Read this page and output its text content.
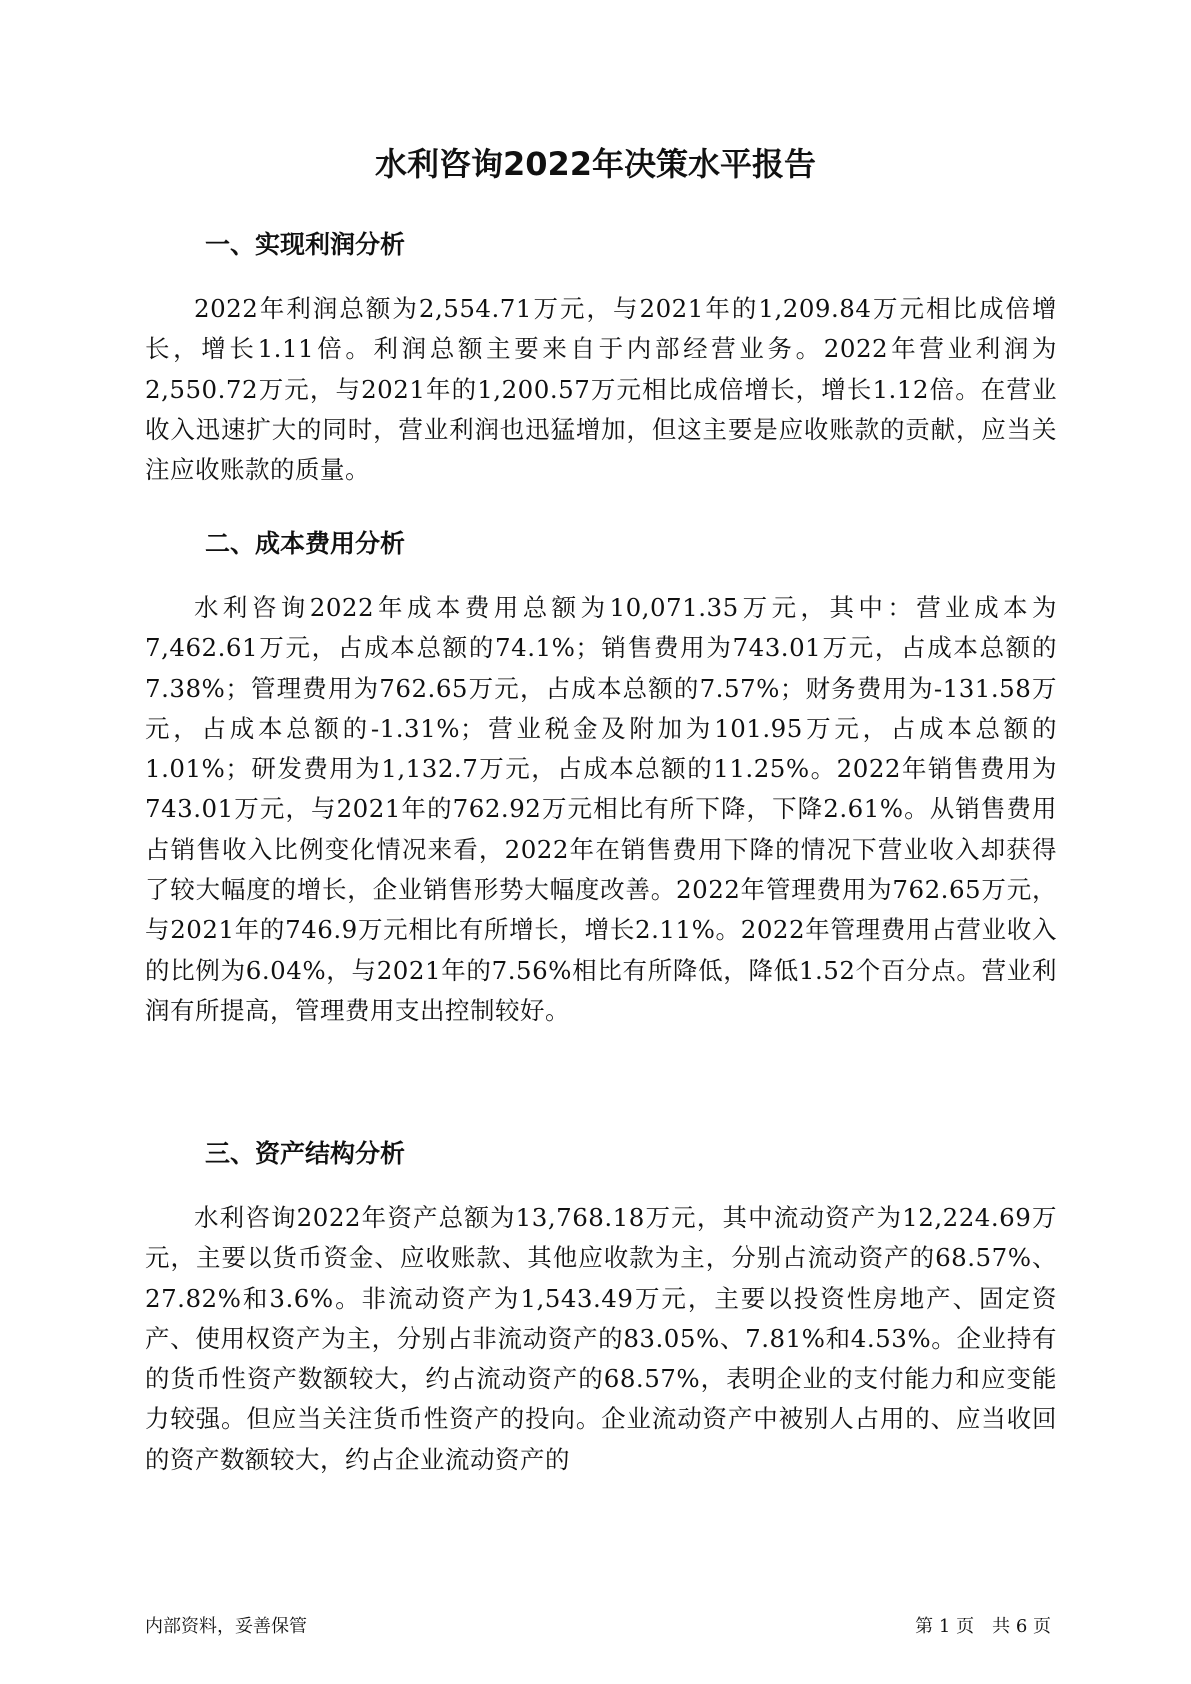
水利咨询2022年决策水平报告
一、实现利润分析
2022年利润总额为2,554.71万元，与2021年的1,209.84万元相比成倍增长，增长1.11倍。利润总额主要来自于内部经营业务。2022年营业利润为2,550.72万元，与2021年的1,200.57万元相比成倍增长，增长1.12倍。在营业收入迅速扩大的同时，营业利润也迅猛增加，但这主要是应收账款的贡献，应当关注应收账款的质量。
二、成本费用分析
水利咨询2022年成本费用总额为10,071.35万元，其中：营业成本为7,462.61万元，占成本总额的74.1%；销售费用为743.01万元，占成本总额的7.38%；管理费用为762.65万元，占成本总额的7.57%；财务费用为-131.58万元，占成本总额的-1.31%；营业税金及附加为101.95万元，占成本总额的1.01%；研发费用为1,132.7万元，占成本总额的11.25%。2022年销售费用为743.01万元，与2021年的762.92万元相比有所下降，下降2.61%。从销售费用占销售收入比例变化情况来看，2022年在销售费用下降的情况下营业收入却获得了较大幅度的增长，企业销售形势大幅度改善。2022年管理费用为762.65万元，与2021年的746.9万元相比有所增长，增长2.11%。2022年管理费用占营业收入的比例为6.04%，与2021年的7.56%相比有所降低，降低1.52个百分点。营业利润有所提高，管理费用支出控制较好。
三、资产结构分析
水利咨询2022年资产总额为13,768.18万元，其中流动资产为12,224.69万元，主要以货币资金、应收账款、其他应收款为主，分别占流动资产的68.57%、27.82%和3.6%。非流动资产为1,543.49万元，主要以投资性房地产、固定资产、使用权资产为主，分别占非流动资产的83.05%、7.81%和4.53%。企业持有的货币性资产数额较大，约占流动资产的68.57%，表明企业的支付能力和应变能力较强。但应当关注货币性资产的投向。企业流动资产中被别人占用的、应当收回的资产数额较大，约占企业流动资产的
内部资料，妥善保管	第 1 页　共 6 页
